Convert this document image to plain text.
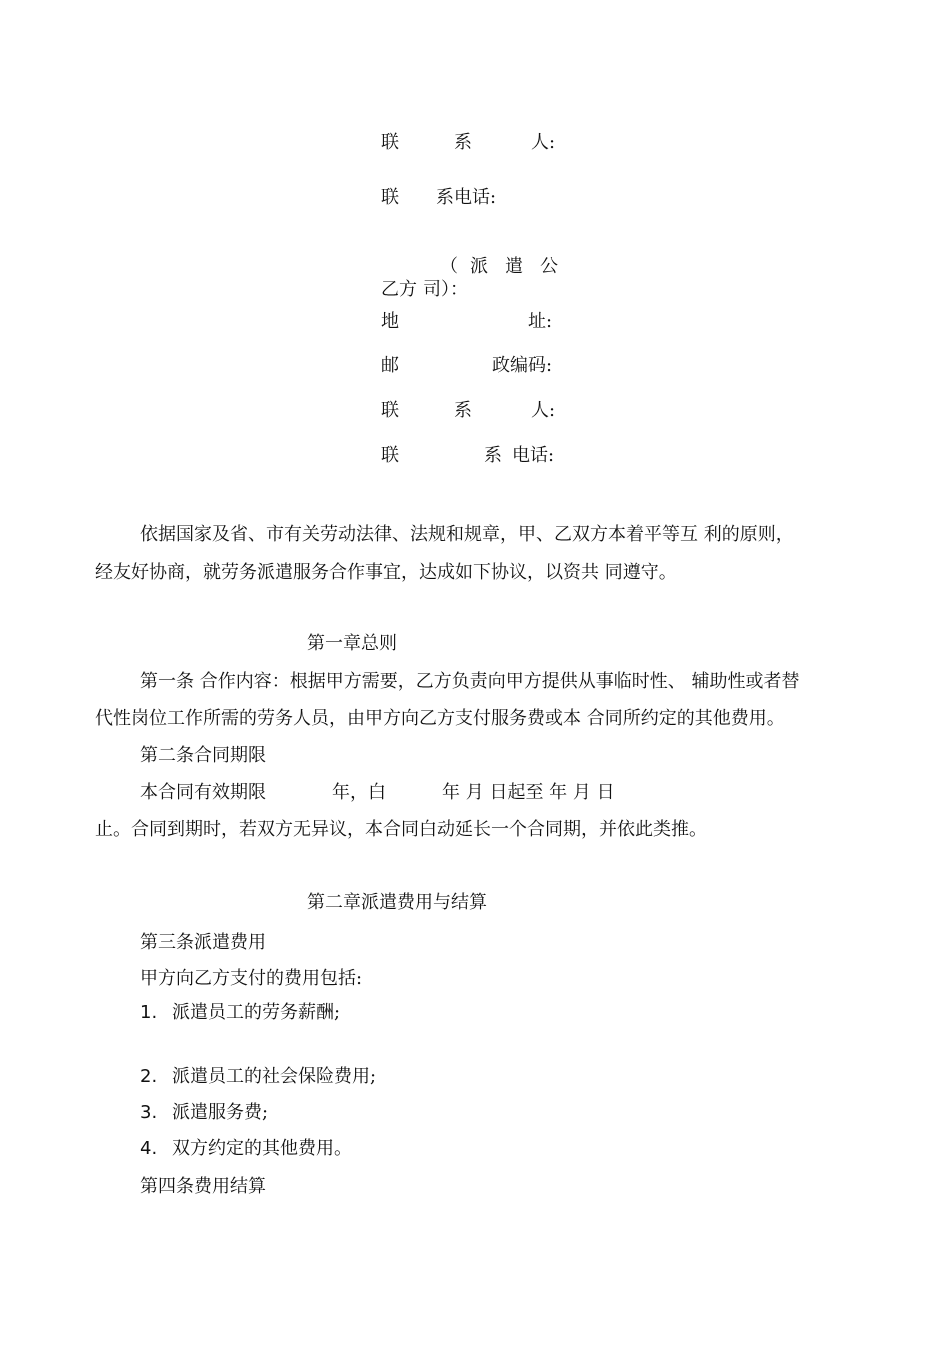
联	系	人:
联 系电话:
（ 派 遣 公
乙方 司）：
地	址:
邮	政编码:
联	系	人:
联	系 电话:
依据国家及省、市有关劳动法律、法规和规章，甲、乙双方本着平等互 利的原则，
经友好协商，就劳务派遣服务合作事宜，达成如下协议，以资共 同遵守。
第一章总则
第一条 合作内容：根据甲方需要，乙方负责向甲方提供从事临时性、 辅助性或者替
代性岗位工作所需的劳务人员，由甲方向乙方支付服务费或本 合同所约定的其他费用。
第二条合同期限
本合同有效期限	年，白	年 月 日起至 年 月 日
止。合同到期时，若双方无异议，本合同白动延长一个合同期，并依此类推。
第二章派遣费用与结算
第三条派遣费用
甲方向乙方支付的费用包括:
1. 派遣员工的劳务薪酬;
2. 派遣员工的社会保险费用;
3. 派遣服务费;
4. 双方约定的其他费用。
第四条费用结算
